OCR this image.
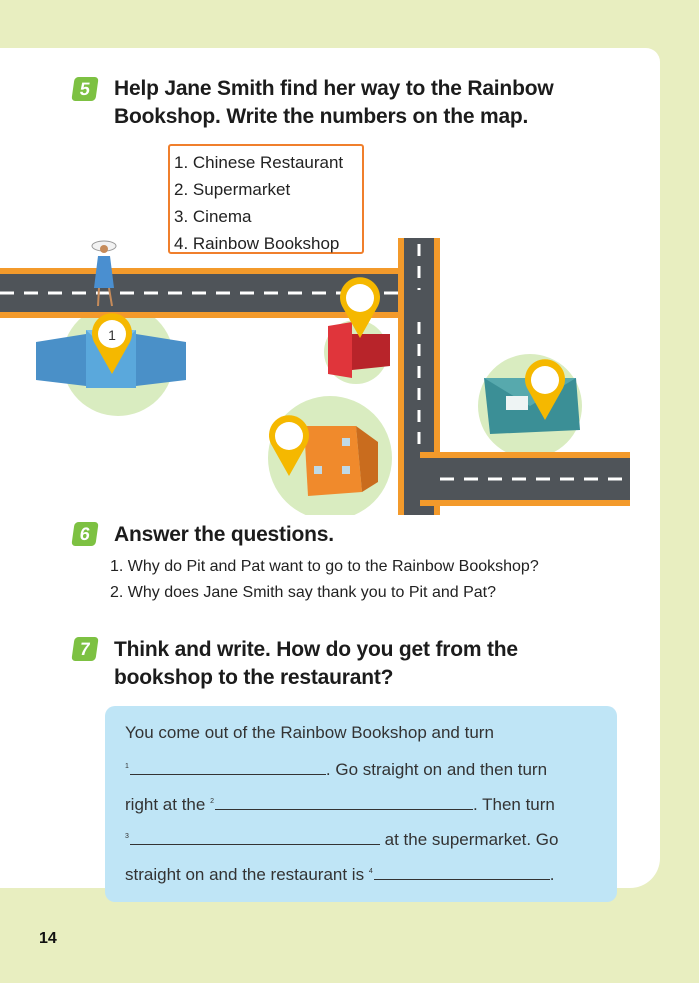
5	Help Jane Smith find her way to the Rainbow
Bookshop. Write the numbers on the map.
1. Chinese Restaurant
2. Supermarket
3. Cinema
4. Rainbow Bookshop
1
6	Answer the questions.
1. Why do Pit and Pat want to go to the Rainbow Bookshop?
2. Why does Jane Smith say thank you to Pit and Pat?
7	Think and write. How do you get from the
bookshop to the restaurant?
You come out of the Rainbow Bookshop and turn
$^1$	. Go straight on and then turn
right at the $^2$	. Then turn
$^3$	at the supermarket. Go
straight on and the restaurant is $^4$	.
14
